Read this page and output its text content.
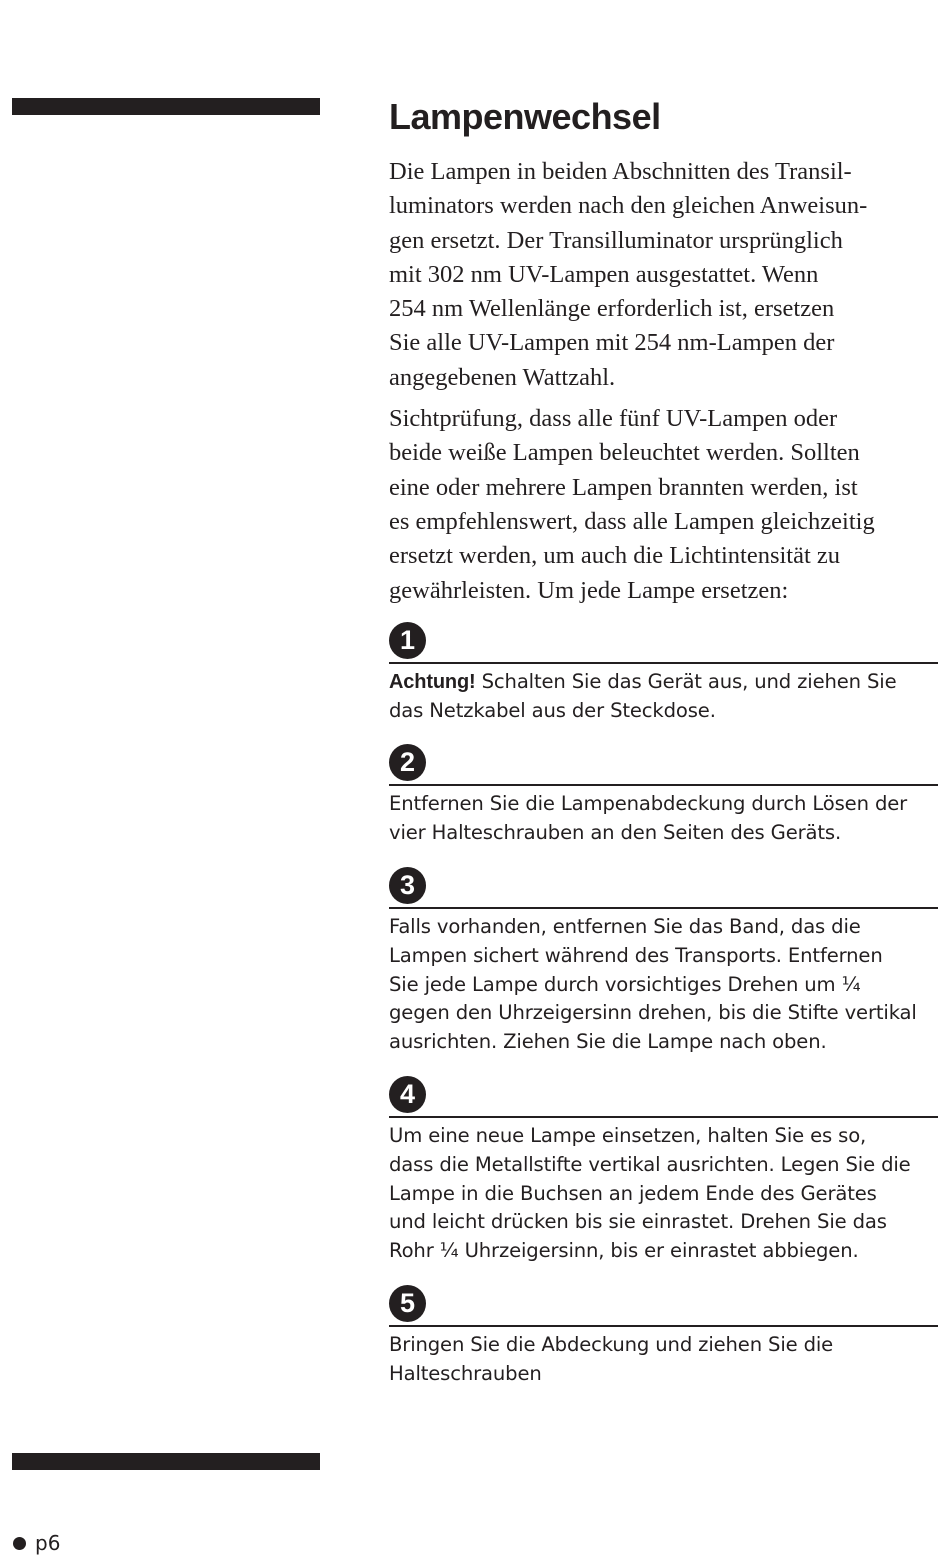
Lampenwechsel
Die Lampen in beiden Abschnitten des Transil-
luminators werden nach den gleichen Anweisun-
gen ersetzt. Der Transilluminator ursprünglich
mit 302 nm UV-Lampen ausgestattet. Wenn
254 nm Wellenlänge erforderlich ist, ersetzen
Sie alle UV-Lampen mit 254 nm-Lampen der
angegebenen Wattzahl.
Sichtprüfung, dass alle fünf UV-Lampen oder
beide weiße Lampen beleuchtet werden. Sollten
eine oder mehrere Lampen brannten werden, ist
es empfehlenswert, dass alle Lampen gleichzeitig
ersetzt werden, um auch die Lichtintensität zu
gewährleisten. Um jede Lampe ersetzen:
1
Achtung! Schalten Sie das Gerät aus, und ziehen Sie
das Netzkabel aus der Steckdose.
2
Entfernen Sie die Lampenabdeckung durch Lösen der
vier Halteschrauben an den Seiten des Geräts.
3
Falls vorhanden, entfernen Sie das Band, das die
Lampen sichert während des Transports. Entfernen
Sie jede Lampe durch vorsichtiges Drehen um ¼
gegen den Uhrzeigersinn drehen, bis die Stifte vertikal
ausrichten. Ziehen Sie die Lampe nach oben.
4
Um eine neue Lampe einsetzen, halten Sie es so,
dass die Metallstifte vertikal ausrichten. Legen Sie die
Lampe in die Buchsen an jedem Ende des Gerätes
und leicht drücken bis sie einrastet. Drehen Sie das
Rohr ¼ Uhrzeigersinn, bis er einrastet abbiegen.
5
Bringen Sie die Abdeckung und ziehen Sie die
Halteschrauben
p6
